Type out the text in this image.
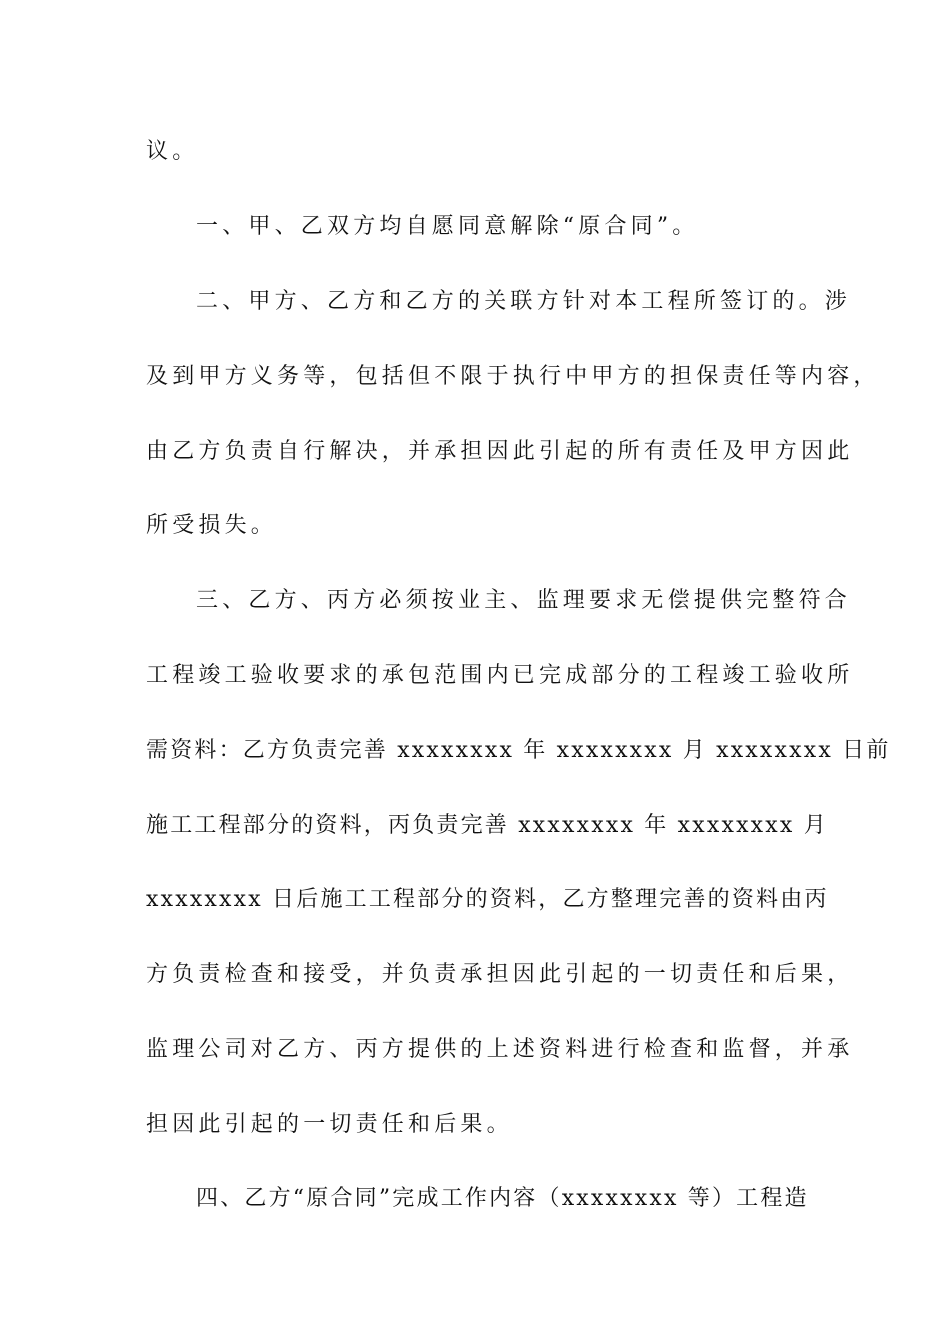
议。
一、甲、乙双方均自愿同意解除“原合同”。
二、甲方、乙方和乙方的关联方针对本工程所签订的。涉
及到甲方义务等，包括但不限于执行中甲方的担保责任等内容，
由乙方负责自行解决，并承担因此引起的所有责任及甲方因此
所受损失。
三、乙方、丙方必须按业主、监理要求无偿提供完整符合
工程竣工验收要求的承包范围内已完成部分的工程竣工验收所
需资料：乙方负责完善 xxxxxxxx 年 xxxxxxxx 月 xxxxxxxx 日前
施工工程部分的资料，丙负责完善 xxxxxxxx 年 xxxxxxxx 月
xxxxxxxx 日后施工工程部分的资料，乙方整理完善的资料由丙
方负责检查和接受，并负责承担因此引起的一切责任和后果，
监理公司对乙方、丙方提供的上述资料进行检查和监督，并承
担因此引起的一切责任和后果。
四、乙方“原合同”完成工作内容（xxxxxxxx 等）工程造
